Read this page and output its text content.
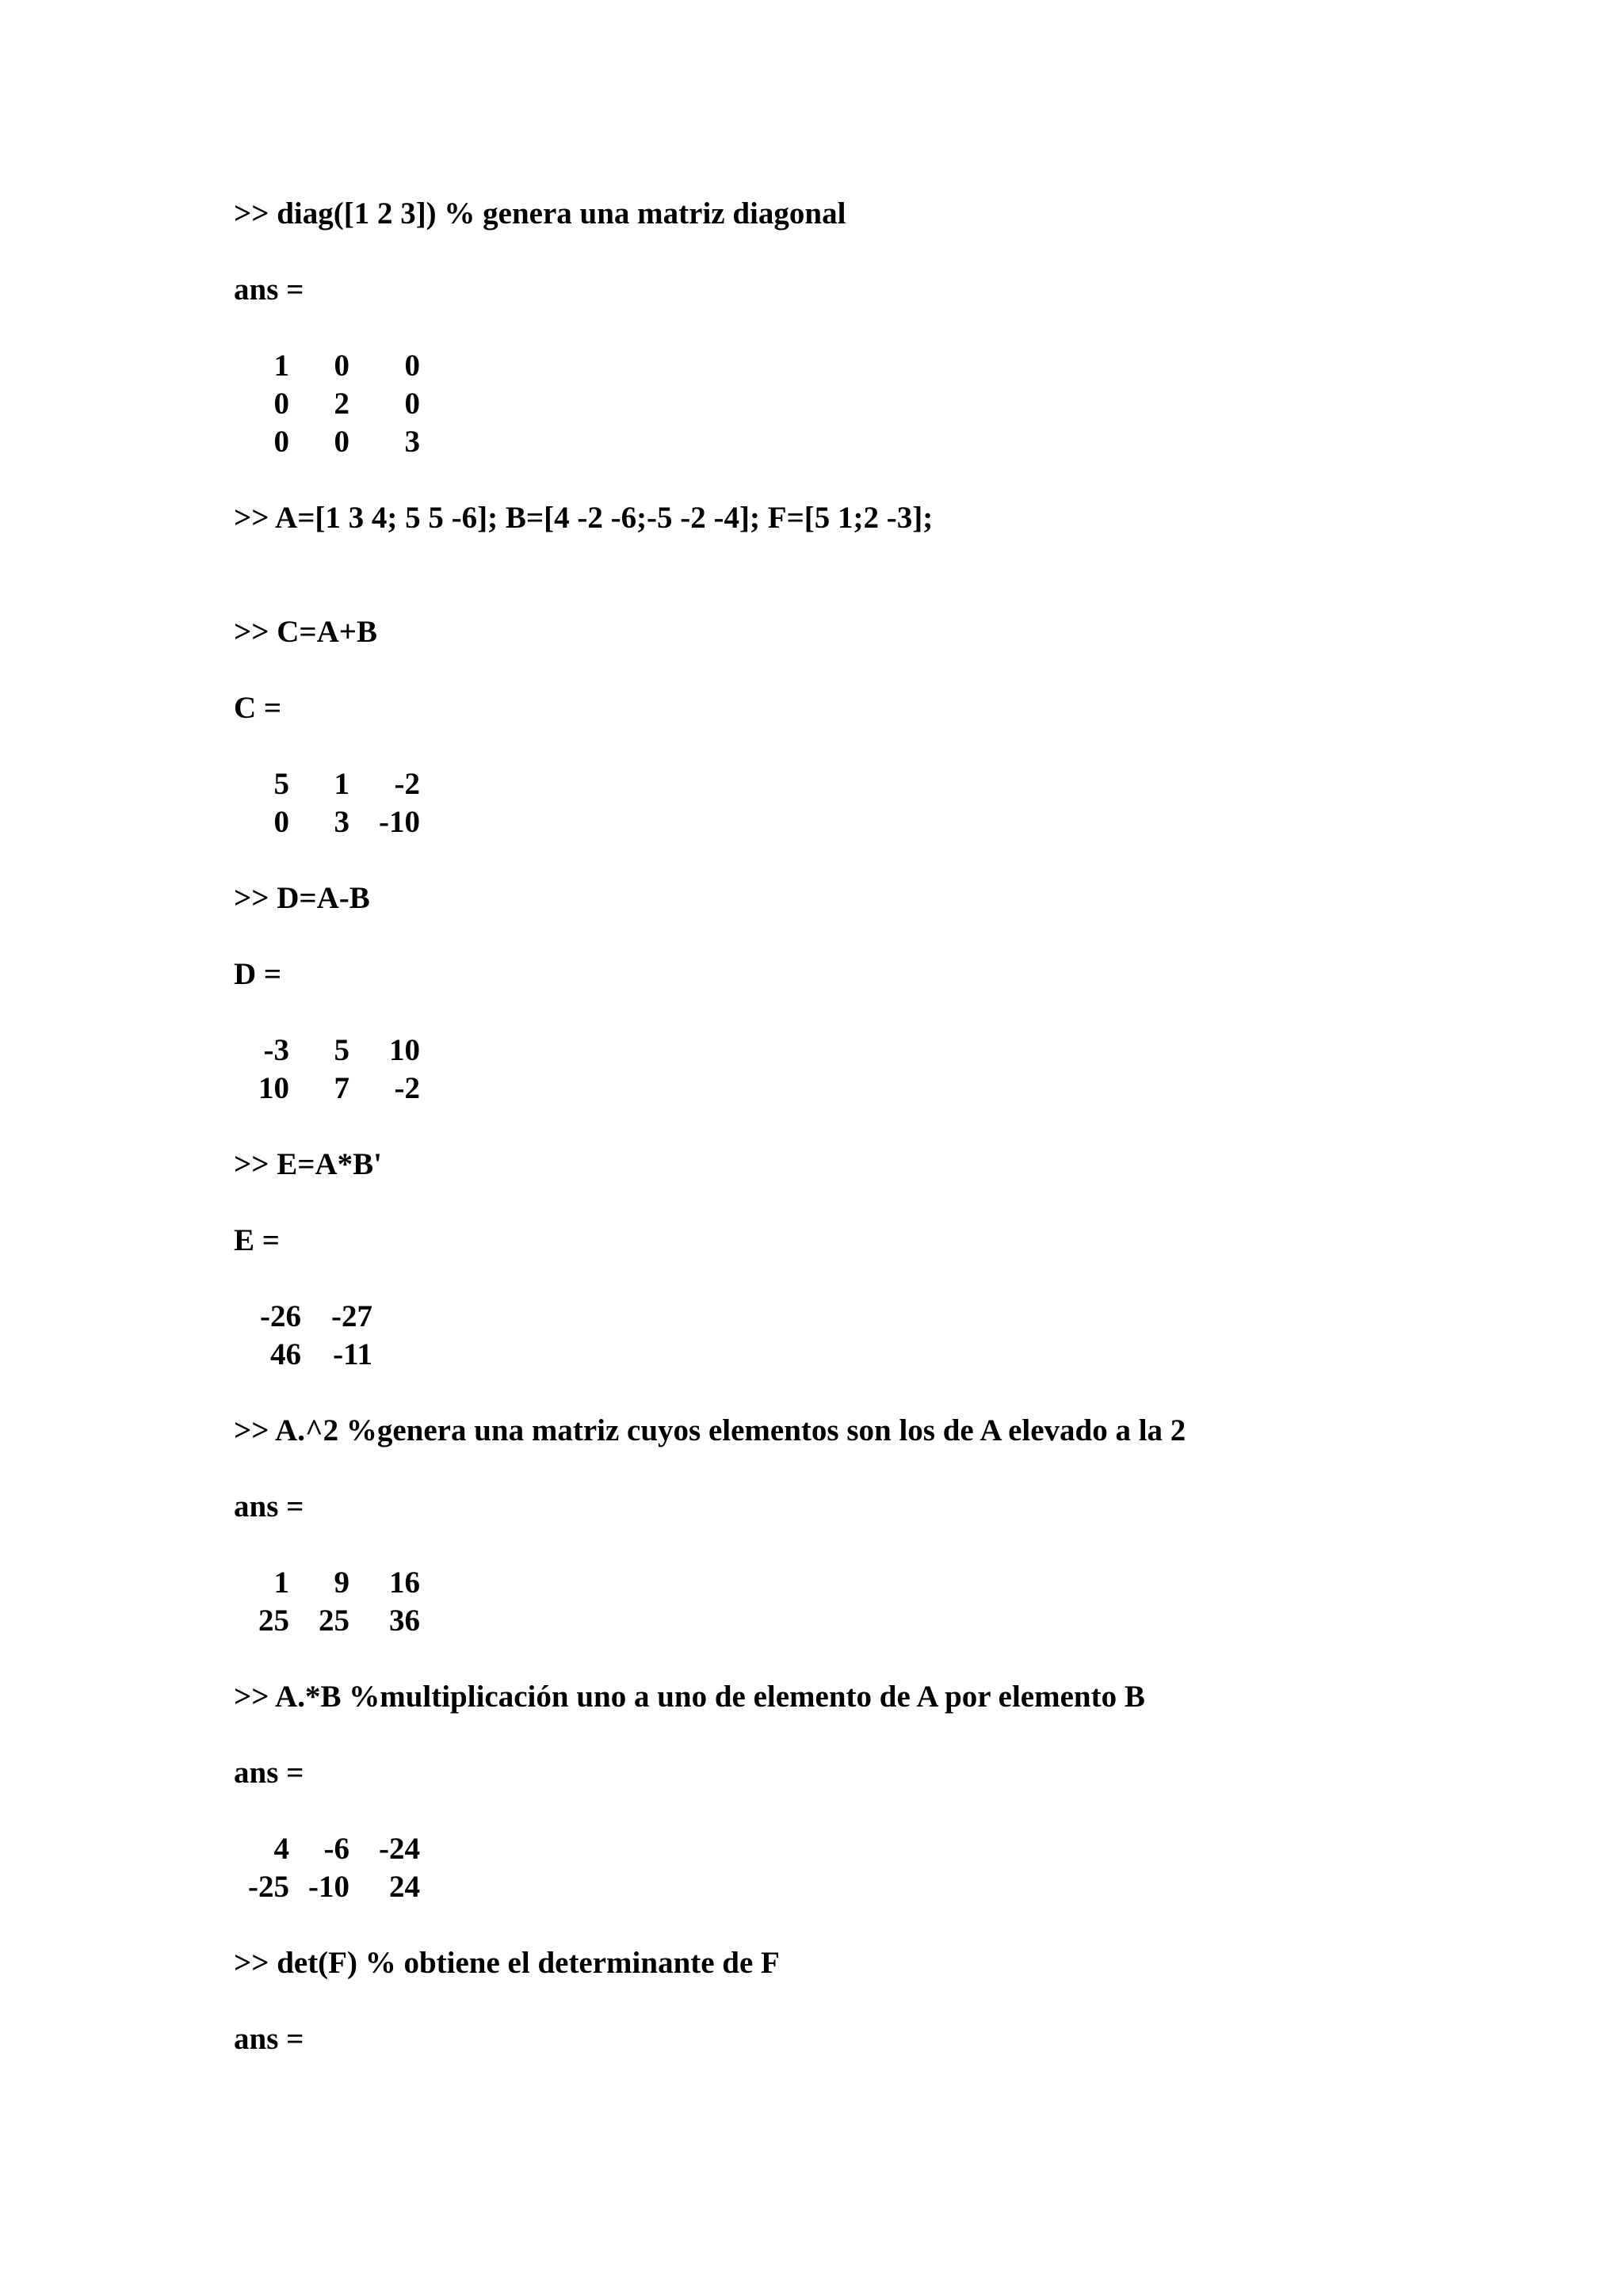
>> diag([1 2 3]) % genera una matriz diagonal
ans =
1	0	0
0	2	0
0	0	3
>> A=[1 3 4; 5 5 -6]; B=[4 -2 -6;-5 -2 -4]; F=[5 1;2 -3];
>> C=A+B
C =
5	1	-2
0	3 -10
>> D=A-B
D =
-3	5	10
10	7	-2
>> E=A*B'
E =
-26 -27
46	-11
>> A.^2 %genera una matriz cuyos elementos son los de A elevado a la 2
ans =
1	9	16
25 25	36
>> A.*B %multiplicación uno a uno de elemento de A por elemento B
ans =
4	-6 -24
-25 -10	24
>> det(F) % obtiene el determinante de F
ans =
